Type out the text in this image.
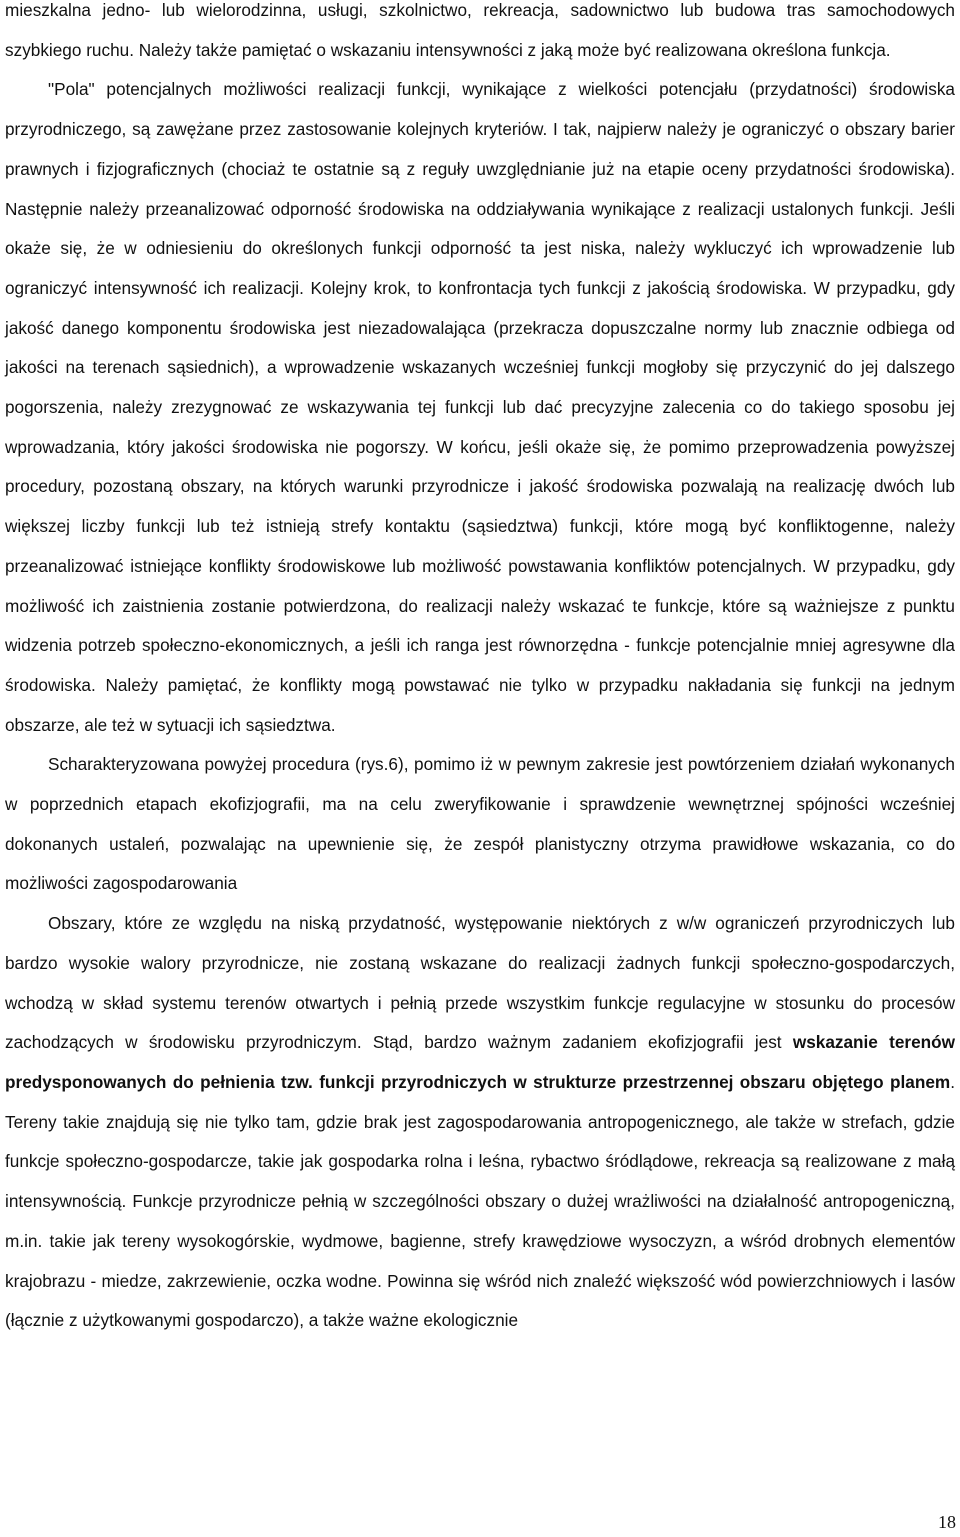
mieszkalna jedno- lub wielorodzinna, usługi, szkolnictwo, rekreacja, sadownictwo lub budowa tras samochodowych szybkiego ruchu. Należy także pamiętać o wskazaniu intensywności z jaką może być realizowana określona funkcja.

"Pola" potencjalnych możliwości realizacji funkcji, wynikające z wielkości potencjału (przydatności) środowiska przyrodniczego, są zawężane przez zastosowanie kolejnych kryteriów. I tak, najpierw należy je ograniczyć o obszary barier prawnych i fizjograficznych (chociaż te ostatnie są z reguły uwzględnianie już na etapie oceny przydatności środowiska). Następnie należy przeanalizować odporność środowiska na oddziaływania wynikające z realizacji ustalonych funkcji. Jeśli okaże się, że w odniesieniu do określonych funkcji odporność ta jest niska, należy wykluczyć ich wprowadzenie lub ograniczyć intensywność ich realizacji. Kolejny krok, to konfrontacja tych funkcji z jakością środowiska. W przypadku, gdy jakość danego komponentu środowiska jest niezadowalająca (przekracza dopuszczalne normy lub znacznie odbiega od jakości na terenach sąsiednich), a wprowadzenie wskazanych wcześniej funkcji mogłoby się przyczynić do jej dalszego pogorszenia, należy zrezygnować ze wskazywania tej funkcji lub dać precyzyjne zalecenia co do takiego sposobu jej wprowadzania, który jakości środowiska nie pogorszy. W końcu, jeśli okaże się, że pomimo przeprowadzenia powyższej procedury, pozostaną obszary, na których warunki przyrodnicze i jakość środowiska pozwalają na realizację dwóch lub większej liczby funkcji lub też istnieją strefy kontaktu (sąsiedztwa) funkcji, które mogą być konfliktogenne, należy przeanalizować istniejące konflikty środowiskowe lub możliwość powstawania konfliktów potencjalnych. W przypadku, gdy możliwość ich zaistnienia zostanie potwierdzona, do realizacji należy wskazać te funkcje, które są ważniejsze z punktu widzenia potrzeb społeczno-ekonomicznych, a jeśli ich ranga jest równorzędna - funkcje potencjalnie mniej agresywne dla środowiska. Należy pamiętać, że konflikty mogą powstawać nie tylko w przypadku nakładania się funkcji na jednym obszarze, ale też w sytuacji ich sąsiedztwa.

Scharakteryzowana powyżej procedura (rys.6), pomimo iż w pewnym zakresie jest powtórzeniem działań wykonanych w poprzednich etapach ekofizjografii, ma na celu zweryfikowanie i sprawdzenie wewnętrznej spójności wcześniej dokonanych ustaleń, pozwalając na upewnienie się, że zespół planistyczny otrzyma prawidłowe wskazania, co do możliwości zagospodarowania

Obszary, które ze względu na niską przydatność, występowanie niektórych z w/w ograniczeń przyrodniczych lub bardzo wysokie walory przyrodnicze, nie zostaną wskazane do realizacji żadnych funkcji społeczno-gospodarczych, wchodzą w skład systemu terenów otwartych i pełnią przede wszystkim funkcje regulacyjne w stosunku do procesów zachodzących w środowisku przyrodniczym. Stąd, bardzo ważnym zadaniem ekofizjografii jest wskazanie terenów predysponowanych do pełnienia tzw. funkcji przyrodniczych w strukturze przestrzennej obszaru objętego planem. Tereny takie znajdują się nie tylko tam, gdzie brak jest zagospodarowania antropogenicznego, ale także w strefach, gdzie funkcje społeczno-gospodarcze, takie jak gospodarka rolna i leśna, rybactwo śródlądowe, rekreacja są realizowane z małą intensywnością. Funkcje przyrodnicze pełnią w szczególności obszary o dużej wrażliwości na działalność antropogeniczną, m.in. takie jak tereny wysokogórskie, wydmowe, bagienne, strefy krawędziowe wysoczyzn, a wśród drobnych elementów krajobrazu - miedze, zakrzewienie, oczka wodne. Powinna się wśród nich znaleźć większość wód powierzchniowych i lasów (łącznie z użytkowanymi gospodarczo), a także ważne ekologicznie

18
